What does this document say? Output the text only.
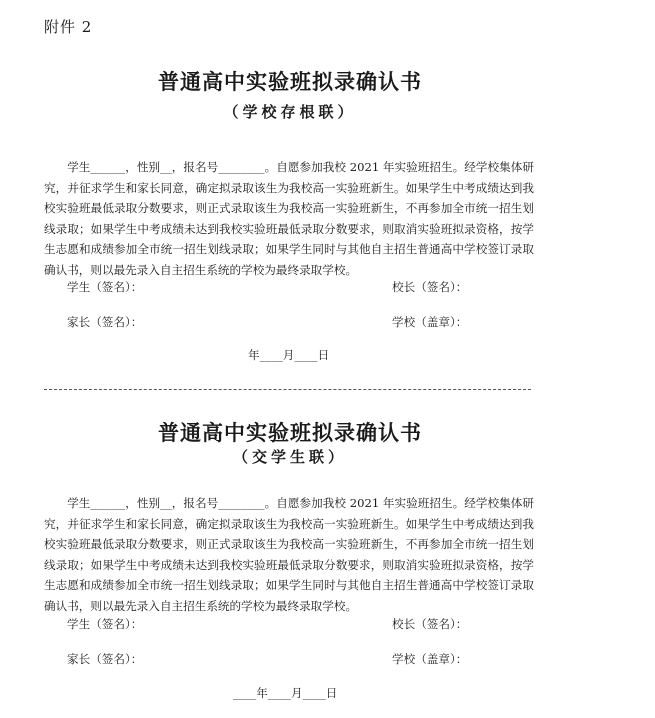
附件 2
普通高中实验班拟录确认书
（学校存根联）

学生______，性别__，报名号________。自愿参加我校 2021 年实验班招生。经学校集体研究，并征求学生和家长同意，确定拟录取该生为我校高一实验班新生。如果学生中考成绩达到我校实验班最低录取分数要求，则正式录取该生为我校高一实验班新生，不再参加全市统一招生划线录取；如果学生中考成绩未达到我校实验班最低录取分数要求，则取消实验班拟录资格，按学生志愿和成绩参加全市统一招生划线录取；如果学生同时与其他自主招生普通高中学校签订录取确认书，则以最先录入自主招生系统的学校为最终录取学校。

学生（签名）：	校长（签名）：
家长（签名）：	学校（盖章）：
年____月____日
普通高中实验班拟录确认书
（交学生联）

学生______，性别__，报名号________。自愿参加我校 2021 年实验班招生。经学校集体研究，并征求学生和家长同意，确定拟录取该生为我校高一实验班新生。如果学生中考成绩达到我校实验班最低录取分数要求，则正式录取该生为我校高一实验班新生，不再参加全市统一招生划线录取；如果学生中考成绩未达到我校实验班最低录取分数要求，则取消实验班拟录资格，按学生志愿和成绩参加全市统一招生划线录取；如果学生同时与其他自主招生普通高中学校签订录取确认书，则以最先录入自主招生系统的学校为最终录取学校。

学生（签名）：	校长（签名）：
家长（签名）：	学校（盖章）：
____年____月____日
